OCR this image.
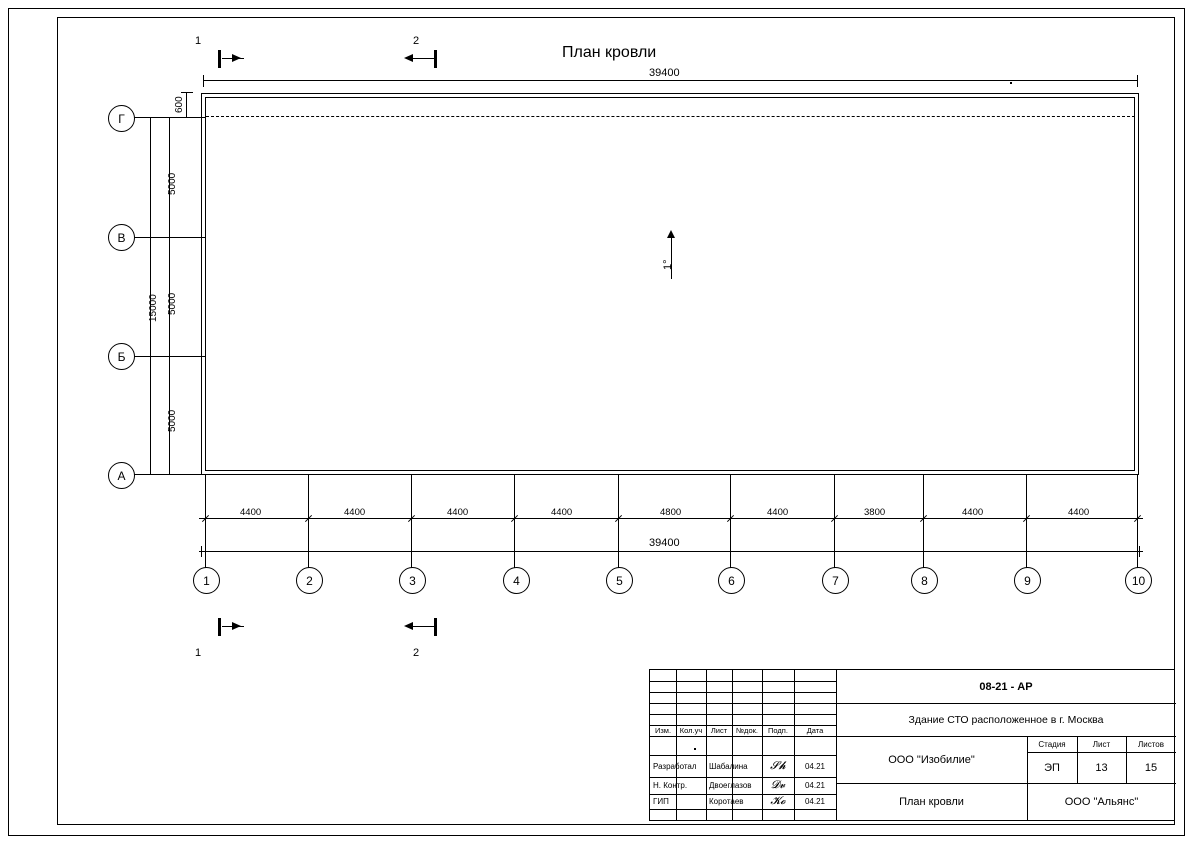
План кровли
39400
1	2
1°
600
5000
5000
5000
15000
Г
В
Б
А
4400	4400	4400	4400	4800	4400	3800	4400	4400
39400
1	2	3	4	5	6	7	8	9	10
1	2
Изм.	Кол.уч	Лист	№док.	Подп.	Дата
Разработал	Шабалина	𝓢𝓱	04.21
Н. Контр.	Двоеглазов	𝓓𝓿	04.21
ГИП	Коротаев	𝓚𝓸	04.21
08-21 - АР
Здание СТО расположенное в г. Москва
ООО "Изобилие"
План кровли
Стадия	Лист	Листов
ЭП	13	15
ООО "Альянс"
